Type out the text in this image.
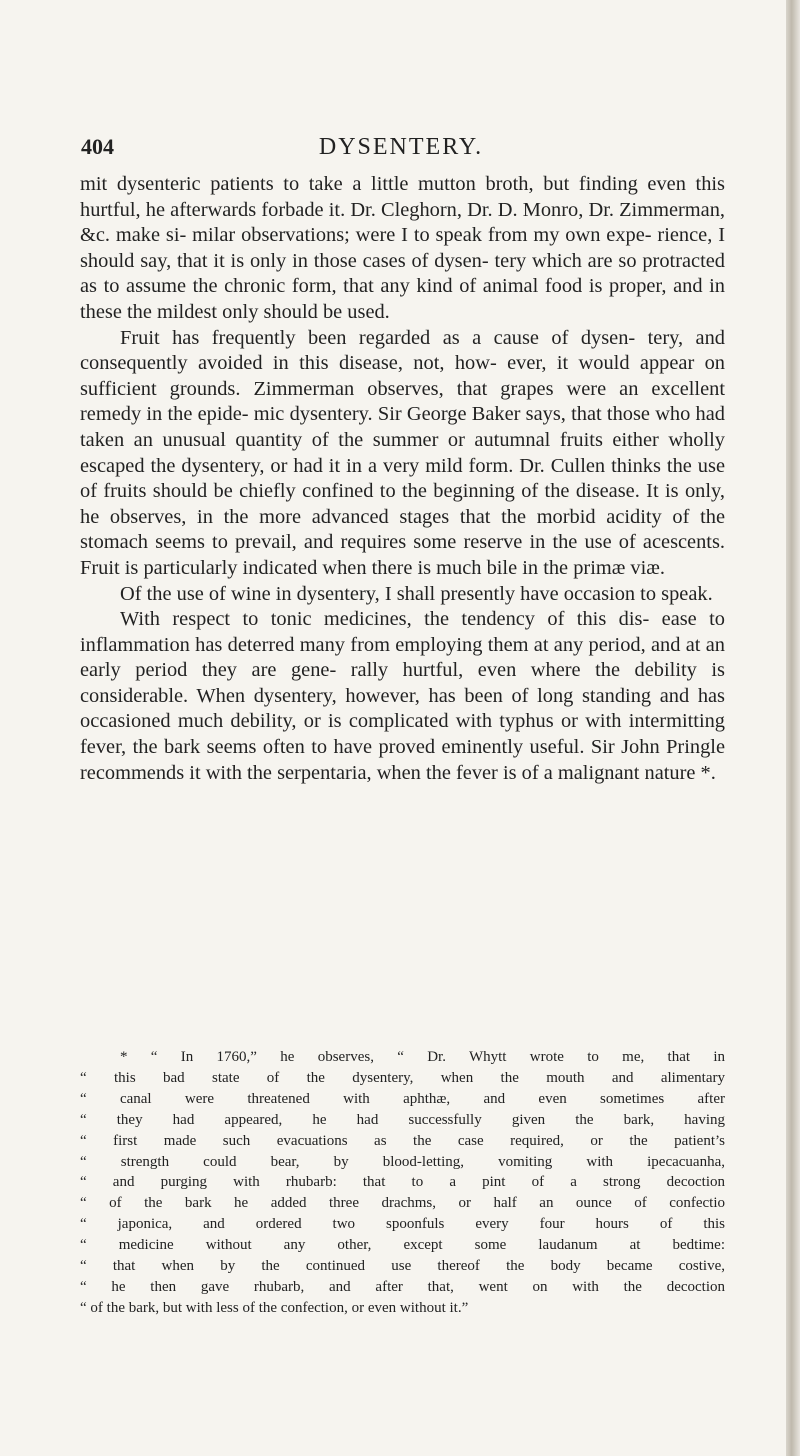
404	DYSENTERY.

mit dysenteric patients to take a little mutton broth, but finding even this hurtful, he afterwards forbade it. Dr. Cleghorn, Dr. D. Monro, Dr. Zimmerman, &c. make si- milar observations; were I to speak from my own expe- rience, I should say, that it is only in those cases of dysen- tery which are so protracted as to assume the chronic form, that any kind of animal food is proper, and in these the mildest only should be used.

Fruit has frequently been regarded as a cause of dysen- tery, and consequently avoided in this disease, not, how- ever, it would appear on sufficient grounds. Zimmerman observes, that grapes were an excellent remedy in the epide- mic dysentery. Sir George Baker says, that those who had taken an unusual quantity of the summer or autumnal fruits either wholly escaped the dysentery, or had it in a very mild form. Dr. Cullen thinks the use of fruits should be chiefly confined to the beginning of the disease. It is only, he observes, in the more advanced stages that the morbid acidity of the stomach seems to prevail, and requires some reserve in the use of acescents. Fruit is particularly indicated when there is much bile in the primæ viæ.

Of the use of wine in dysentery, I shall presently have occasion to speak.

With respect to tonic medicines, the tendency of this dis- ease to inflammation has deterred many from employing them at any period, and at an early period they are gene- rally hurtful, even where the debility is considerable. When dysentery, however, has been of long standing and has occasioned much debility, or is complicated with typhus or with intermitting fever, the bark seems often to have proved eminently useful. Sir John Pringle recommends it with the serpentaria, when the fever is of a malignant nature *.

* “ In 1760,” he observes, “ Dr. Whytt wrote to me, that in
“ this bad state of the dysentery, when the mouth and alimentary
“ canal were threatened with aphthæ, and even sometimes after
“ they had appeared, he had successfully given the bark, having
“ first made such evacuations as the case required, or the patient’s
“ strength could bear, by blood-letting, vomiting with ipecacuanha,
“ and purging with rhubarb: that to a pint of a strong decoction
“ of the bark he added three drachms, or half an ounce of confectio
“ japonica, and ordered two spoonfuls every four hours of this
“ medicine without any other, except some laudanum at bedtime:
“ that when by the continued use thereof the body became costive,
“ he then gave rhubarb, and after that, went on with the decoction
“ of the bark, but with less of the confection, or even without it.”
